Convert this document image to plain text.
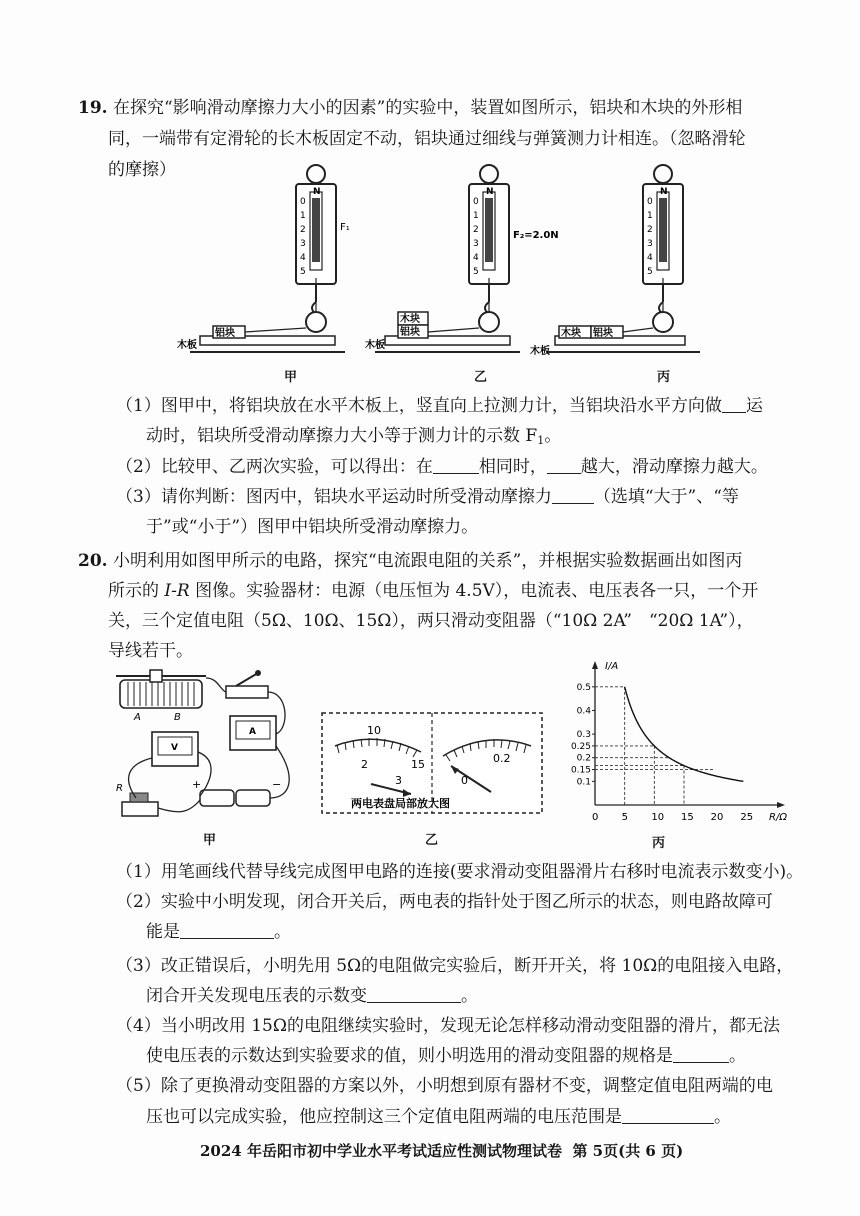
19. 在探究“影响滑动摩擦力大小的因素”的实验中，装置如图所示，铝块和木块的外形相
同，一端带有定滑轮的长木板固定不动，铝块通过细线与弹簧测力计相连。（忽略滑轮
的摩擦）
N	N	N
0
1
2
3
4
5
0
1
2
3
4
5
0
1
2
3
4
5
F₁
F₂=2.0N
铝块
木板
木块
铝块
木板
木块 铝块
木板
甲	乙	丙
（1）图甲中，将铝块放在水平木板上，竖直向上拉测力计，当铝块沿水平方向做 运
动时，铝块所受滑动摩擦力大小等于测力计的示数 $F_1$。
（2）比较甲、乙两次实验，可以得出：在	相同时， 越大，滑动摩擦力越大。
（3）请你判断：图丙中，铝块水平运动时所受滑动摩擦力 （选填“大于”、“等
于”或“小于”）图甲中铝块所受滑动摩擦力。
20. 小明利用如图甲所示的电路，探究“电流跟电阻的关系”，并根据实验数据画出如图丙
所示的 I-R 图像。实验器材：电源（电压恒为 4.5V），电流表、电压表各一只，一个开
关，三个定值电阻（5Ω、10Ω、15Ω），两只滑动变阻器（“10Ω 2A”　“20Ω 1A”），
导线若干。
A	B
V
A
R	+	−
甲
10
2	15
3	0
0.2
两电表盘局部放大图
乙
I/A
R/Ω
0 5 10 15 20 25
0.1
0.15
0.2
0.25
0.3
0.4
0.5
丙
（1）用笔画线代替导线完成图甲电路的连接(要求滑动变阻器滑片右移时电流表示数变小)。
（2）实验中小明发现，闭合开关后，两电表的指针处于图乙所示的状态，则电路故障可
能是	。
（3）改正错误后，小明先用 5Ω的电阻做完实验后，断开开关，将 10Ω的电阻接入电路，
闭合开关发现电压表的示数变	。
（4）当小明改用 15Ω的电阻继续实验时，发现无论怎样移动滑动变阻器的滑片，都无法
使电压表的示数达到实验要求的值，则小明选用的滑动变阻器的规格是	。
（5）除了更换滑动变阻器的方案以外，小明想到原有器材不变，调整定值电阻两端的电
压也可以完成实验，他应控制这三个定值电阻两端的电压范围是	。
2024 年岳阳市初中学业水平考试适应性测试物理试卷 第 5页(共 6 页)
